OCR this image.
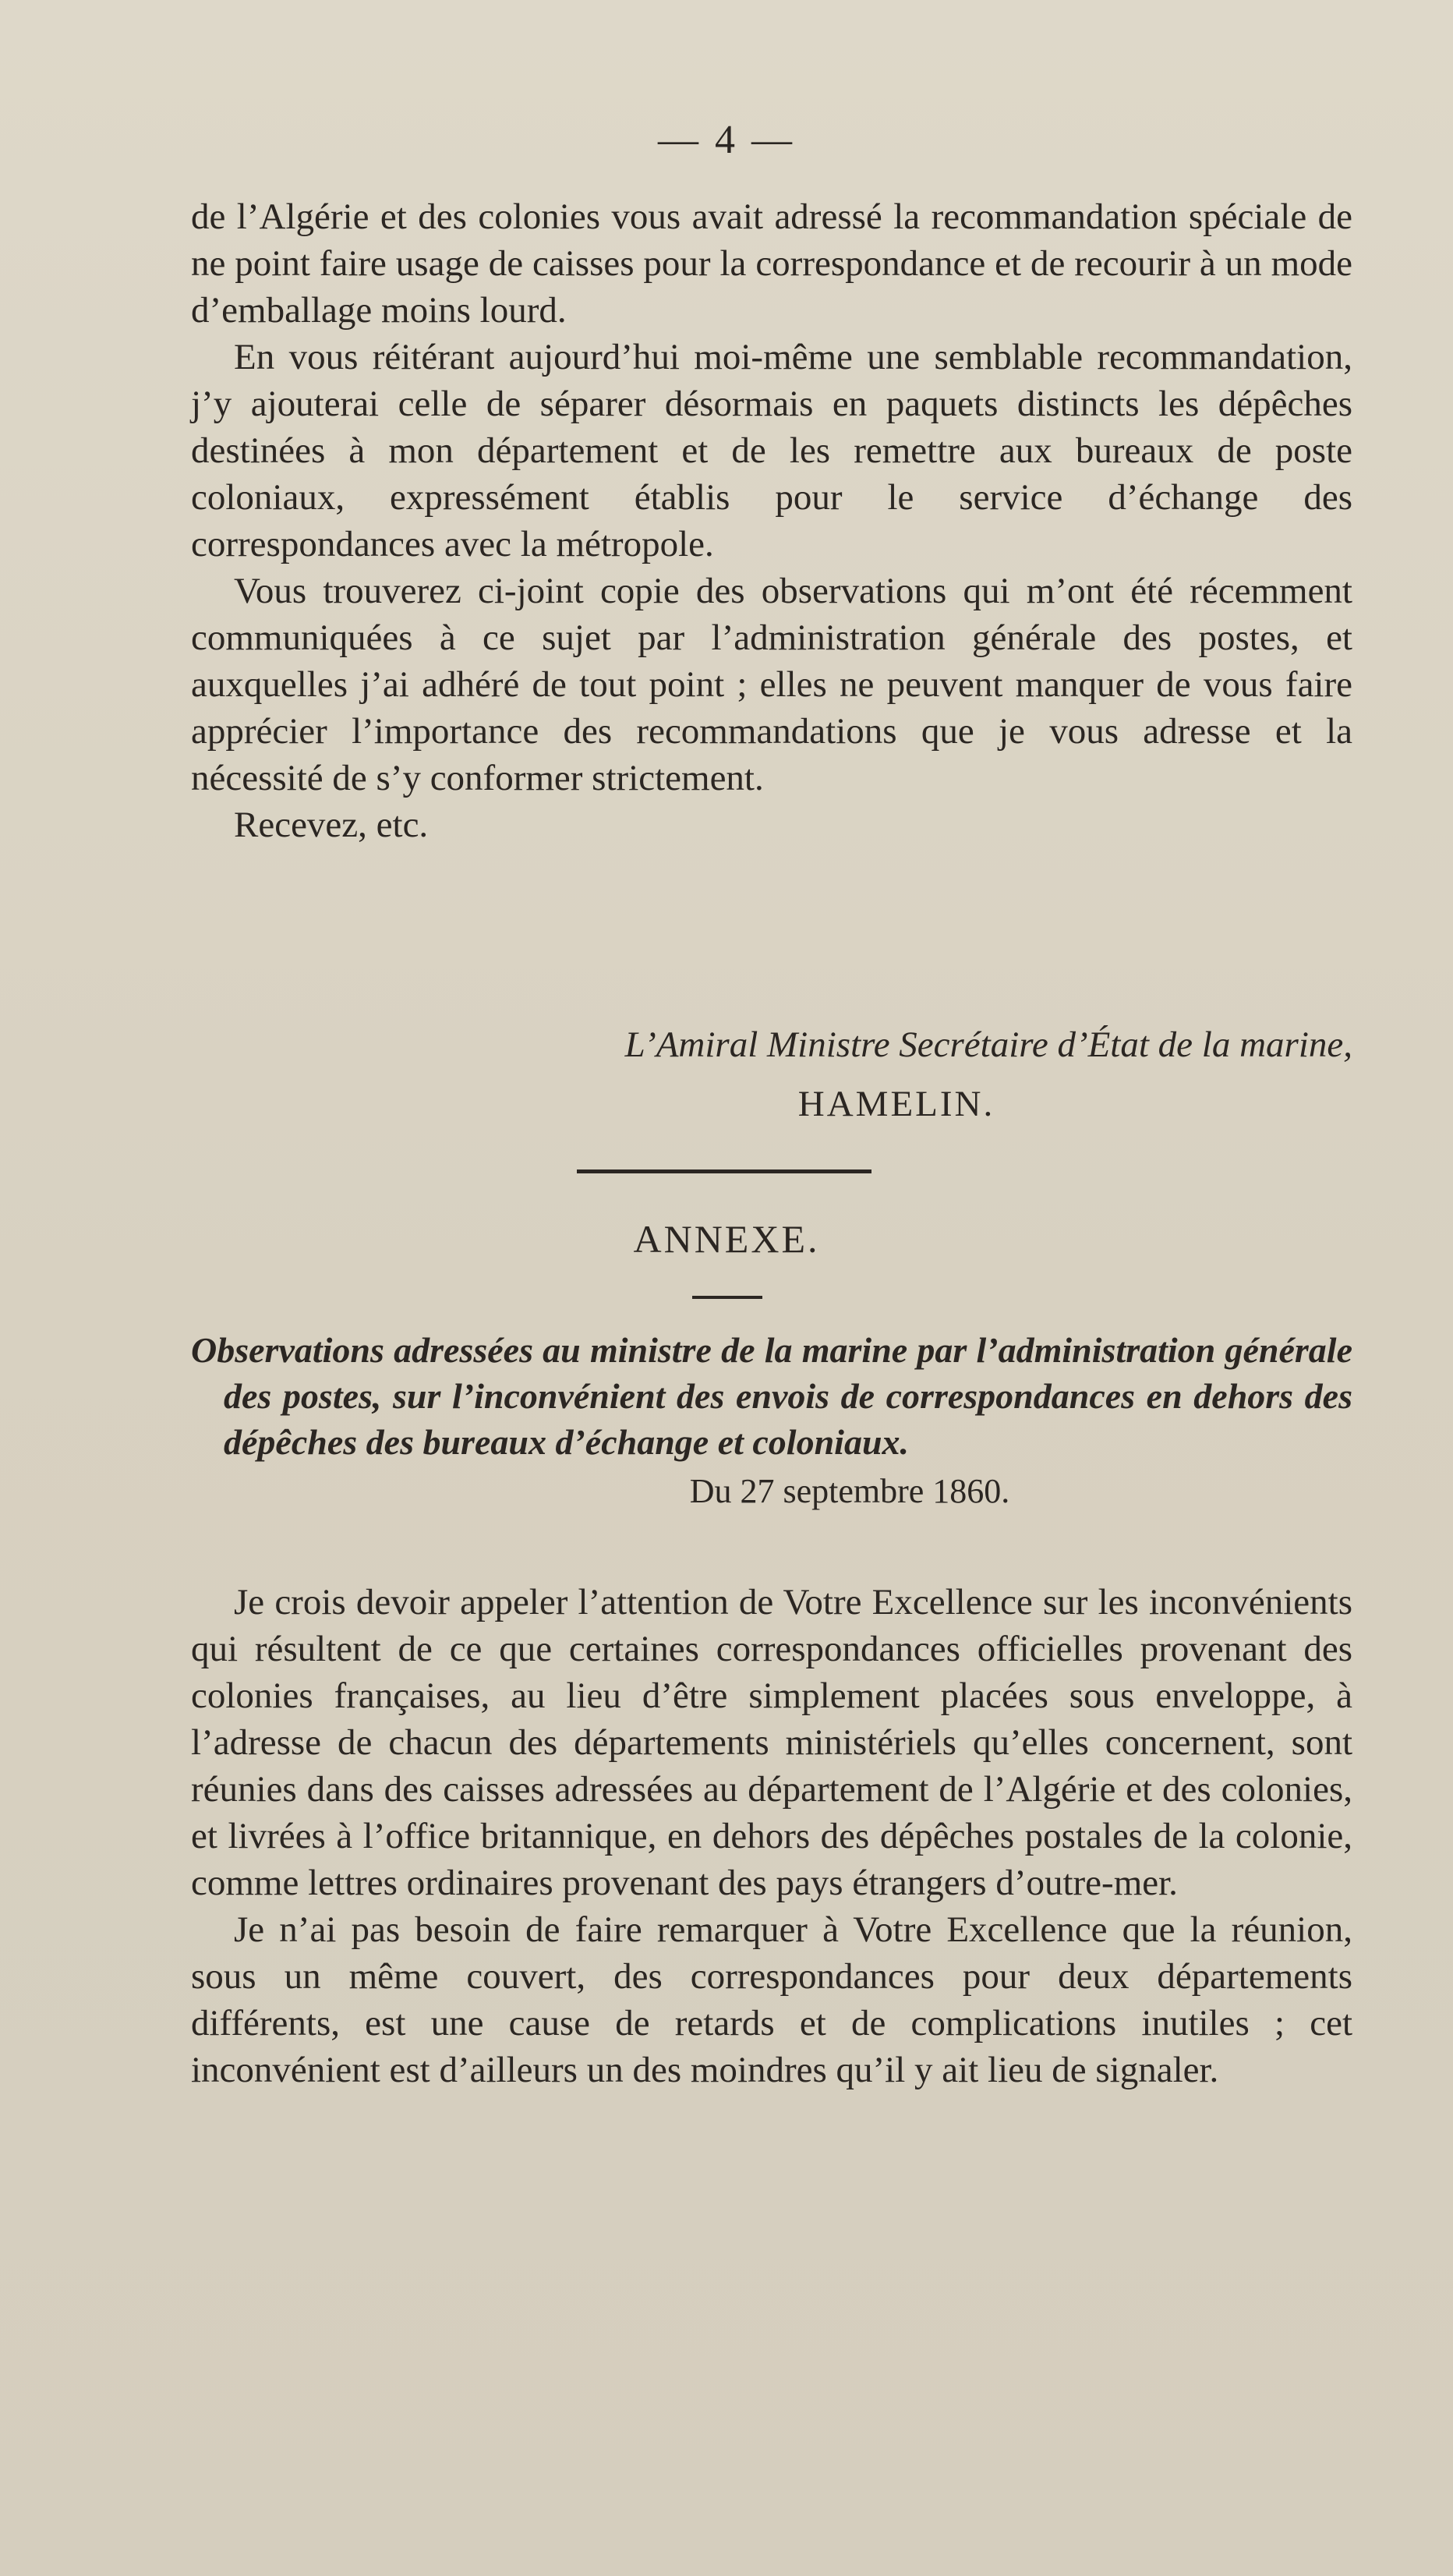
— 4 —

de l’Algérie et des colonies vous avait adressé la recommandation spéciale de ne point faire usage de caisses pour la correspondance et de recourir à un mode d’emballage moins lourd.

En vous réitérant aujourd’hui moi-même une semblable recommandation, j’y ajouterai celle de séparer désormais en paquets distincts les dépêches destinées à mon département et de les remettre aux bureaux de poste coloniaux, expressément établis pour le service d’échange des correspondances avec la métropole.

Vous trouverez ci-joint copie des observations qui m’ont été récemment communiquées à ce sujet par l’administration générale des postes, et auxquelles j’ai adhéré de tout point ; elles ne peuvent manquer de vous faire apprécier l’importance des recommandations que je vous adresse et la nécessité de s’y conformer strictement.

Recevez, etc.

L’Amiral Ministre Secrétaire d’État de la marine,
HAMELIN.
ANNEXE.

Observations adressées au ministre de la marine par l’administration générale des postes, sur l’inconvénient des envois de correspondances en dehors des dépêches des bureaux d’échange et coloniaux.

Du 27 septembre 1860.

Je crois devoir appeler l’attention de Votre Excellence sur les inconvénients qui résultent de ce que certaines correspondances officielles provenant des colonies françaises, au lieu d’être simplement placées sous enveloppe, à l’adresse de chacun des départements ministériels qu’elles concernent, sont réunies dans des caisses adressées au département de l’Algérie et des colonies, et livrées à l’office britannique, en dehors des dépêches postales de la colonie, comme lettres ordinaires provenant des pays étrangers d’outre-mer.

Je n’ai pas besoin de faire remarquer à Votre Excellence que la réunion, sous un même couvert, des correspondances pour deux départements différents, est une cause de retards et de complications inutiles ; cet inconvénient est d’ailleurs un des moindres qu’il y ait lieu de signaler.
